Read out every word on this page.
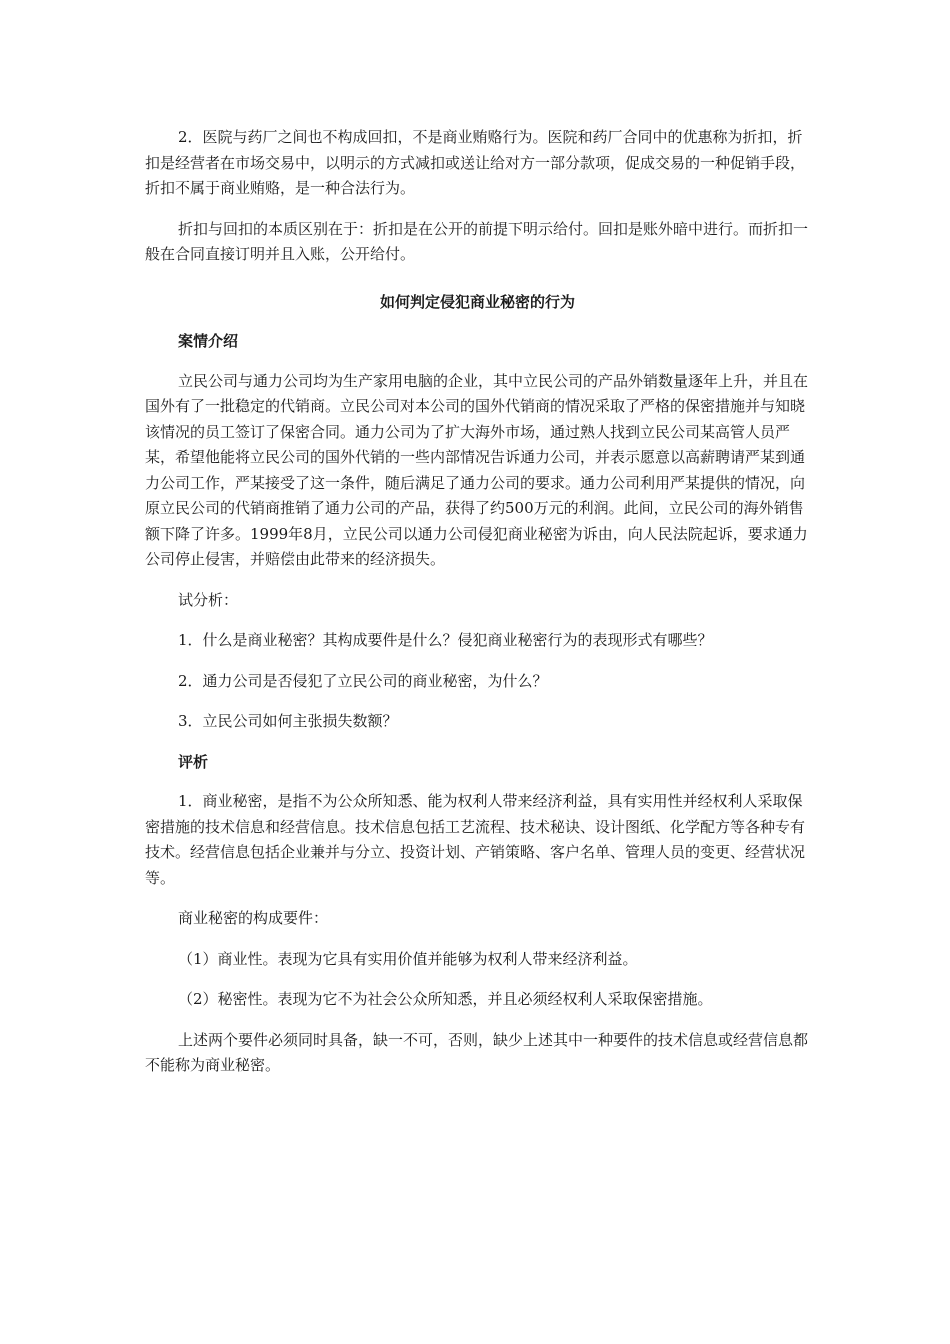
2．医院与药厂之间也不构成回扣，不是商业贿赂行为。医院和药厂合同中的优惠称为折扣，折扣是经营者在市场交易中，以明示的方式减扣或送让给对方一部分款项，促成交易的一种促销手段，折扣不属于商业贿赂，是一种合法行为。

折扣与回扣的本质区别在于：折扣是在公开的前提下明示给付。回扣是账外暗中进行。而折扣一般在合同直接订明并且入账，公开给付。

如何判定侵犯商业秘密的行为

案情介绍

立民公司与通力公司均为生产家用电脑的企业，其中立民公司的产品外销数量逐年上升，并且在国外有了一批稳定的代销商。立民公司对本公司的国外代销商的情况采取了严格的保密措施并与知晓该情况的员工签订了保密合同。通力公司为了扩大海外市场，通过熟人找到立民公司某高管人员严某，希望他能将立民公司的国外代销的一些内部情况告诉通力公司，并表示愿意以高薪聘请严某到通力公司工作，严某接受了这一条件，随后满足了通力公司的要求。通力公司利用严某提供的情况，向原立民公司的代销商推销了通力公司的产品，获得了约500万元的利润。此间，立民公司的海外销售额下降了许多。1999年8月，立民公司以通力公司侵犯商业秘密为诉由，向人民法院起诉，要求通力公司停止侵害，并赔偿由此带来的经济损失。

试分析：

1．什么是商业秘密？其构成要件是什么？侵犯商业秘密行为的表现形式有哪些？

2．通力公司是否侵犯了立民公司的商业秘密，为什么？

3．立民公司如何主张损失数额？

评析

1．商业秘密，是指不为公众所知悉、能为权利人带来经济利益，具有实用性并经权利人采取保密措施的技术信息和经营信息。技术信息包括工艺流程、技术秘诀、设计图纸、化学配方等各种专有技术。经营信息包括企业兼并与分立、投资计划、产销策略、客户名单、管理人员的变更、经营状况等。

商业秘密的构成要件：

（1）商业性。表现为它具有实用价值并能够为权利人带来经济利益。

（2）秘密性。表现为它不为社会公众所知悉，并且必须经权利人采取保密措施。

上述两个要件必须同时具备，缺一不可，否则，缺少上述其中一种要件的技术信息或经营信息都不能称为商业秘密。
